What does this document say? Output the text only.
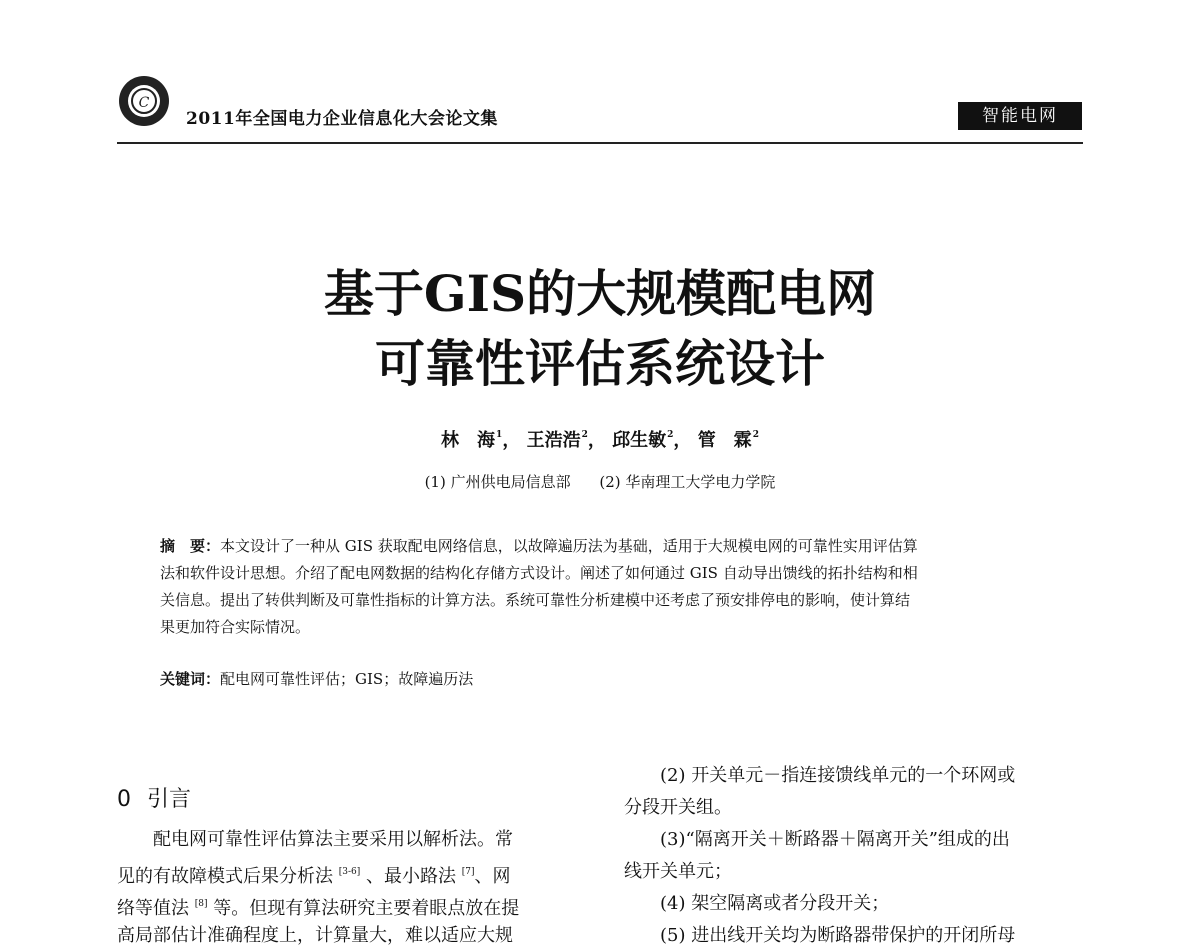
C
2011年全国电力企业信息化大会论文集	智能电网
基于GIS的大规模配电网
可靠性评估系统设计
林　海$^1$， 王浩浩$^2$， 邱生敏$^2$， 管　霖$^2$
(1) 广州供电局信息部 (2) 华南理工大学电力学院
摘　要：本文设计了一种从 GIS 获取配电网络信息，以故障遍历法为基础，适用于大规模电网的可靠性实用评估算
法和软件设计思想。介绍了配电网数据的结构化存储方式设计。阐述了如何通过 GIS 自动导出馈线的拓扑结构和相
关信息。提出了转供判断及可靠性指标的计算方法。系统可靠性分析建模中还考虑了预安排停电的影响，使计算结
果更加符合实际情况。
关键词：配电网可靠性评估；GIS；故障遍历法
0 引言
配电网可靠性评估算法主要采用以解析法。常
见的有故障模式后果分析法 [3-6] 、最小路法 [7]、网
络等值法 [8] 等。但现有算法研究主要着眼点放在提
高局部估计准确程度上，计算量大，难以适应大规
(2) 开关单元－指连接馈线单元的一个环网或
分段开关组。
(3)“隔离开关＋断路器＋隔离开关”组成的出
线开关单元；
(4) 架空隔离或者分段开关；
(5) 进出线开关均为断路器带保护的开闭所母
